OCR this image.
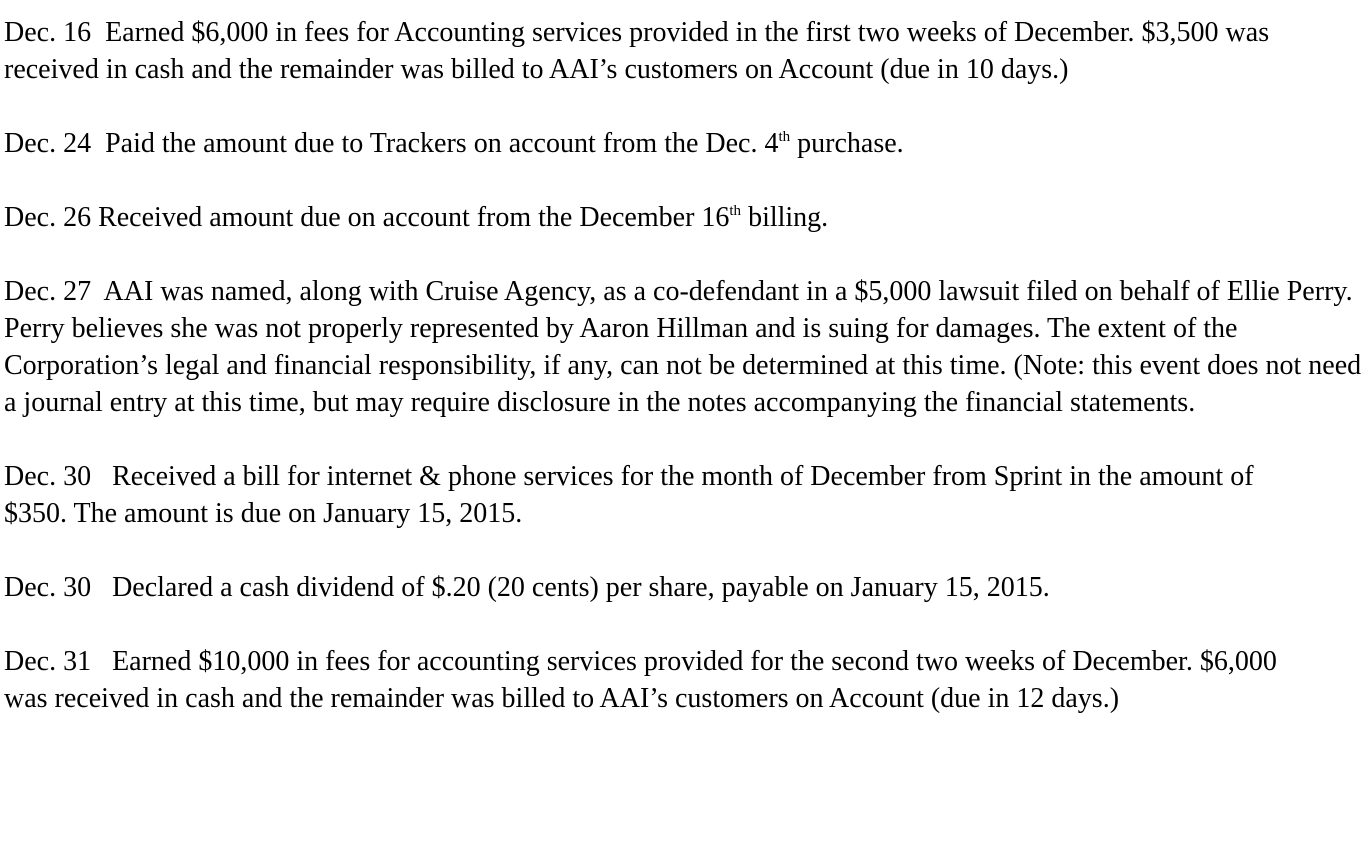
Dec. 16 Earned $6,000 in fees for Accounting services provided in the first two weeks of December. $3,500 was received in cash and the remainder was billed to AAI’s customers on Account (due in 10 days.)

Dec. 24 Paid the amount due to Trackers on account from the Dec. 4th purchase.

Dec. 26 Received amount due on account from the December 16th billing.

Dec. 27 AAI was named, along with Cruise Agency, as a co-defendant in a $5,000 lawsuit filed on behalf of Ellie Perry. Perry believes she was not properly represented by Aaron Hillman and is suing for damages. The extent of the Corporation’s legal and financial responsibility, if any, can not be determined at this time. (Note: this event does not need a journal entry at this time, but may require disclosure in the notes accompanying the financial statements.

Dec. 30 Received a bill for internet & phone services for the month of December from Sprint in the amount of $350. The amount is due on January 15, 2015.

Dec. 30 Declared a cash dividend of $.20 (20 cents) per share, payable on January 15, 2015.

Dec. 31 Earned $10,000 in fees for accounting services provided for the second two weeks of December. $6,000 was received in cash and the remainder was billed to AAI’s customers on Account (due in 12 days.)
